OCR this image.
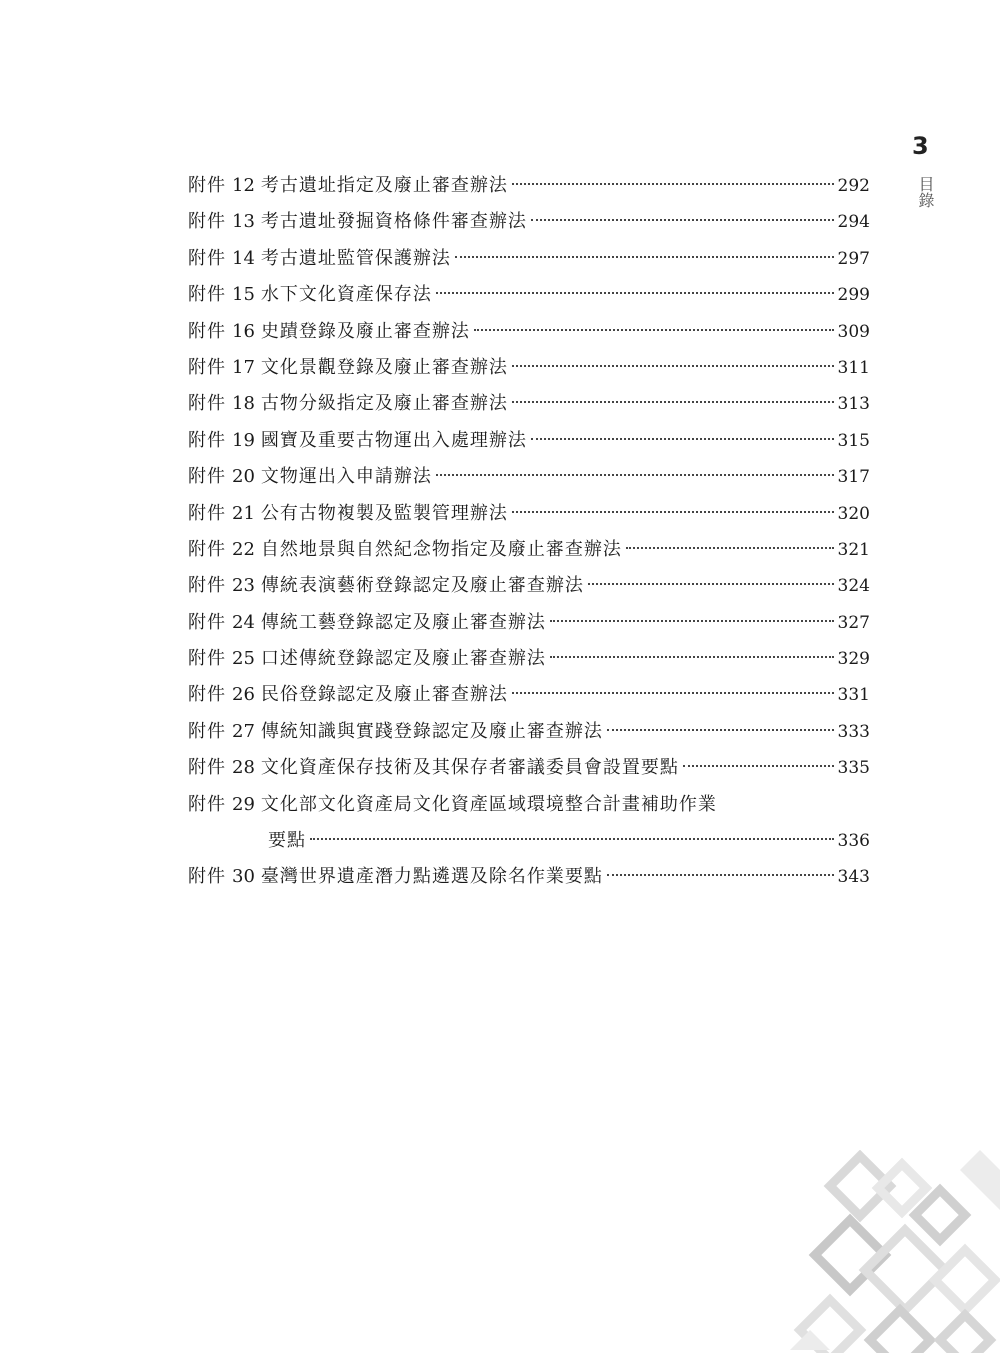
3
目錄
附件 12 考古遺址指定及廢止審查辦法	292
附件 13 考古遺址發掘資格條件審查辦法	294
附件 14 考古遺址監管保護辦法	297
附件 15 水下文化資產保存法	299
附件 16 史蹟登錄及廢止審查辦法	309
附件 17 文化景觀登錄及廢止審查辦法	311
附件 18 古物分級指定及廢止審查辦法	313
附件 19 國寶及重要古物運出入處理辦法	315
附件 20 文物運出入申請辦法	317
附件 21 公有古物複製及監製管理辦法	320
附件 22 自然地景與自然紀念物指定及廢止審查辦法	321
附件 23 傳統表演藝術登錄認定及廢止審查辦法	324
附件 24 傳統工藝登錄認定及廢止審查辦法	327
附件 25 口述傳統登錄認定及廢止審查辦法	329
附件 26 民俗登錄認定及廢止審查辦法	331
附件 27 傳統知識與實踐登錄認定及廢止審查辦法	333
附件 28 文化資產保存技術及其保存者審議委員會設置要點	335
附件 29 文化部文化資產局文化資產區域環境整合計畫補助作業
要點	336
附件 30 臺灣世界遺產潛力點遴選及除名作業要點	343
